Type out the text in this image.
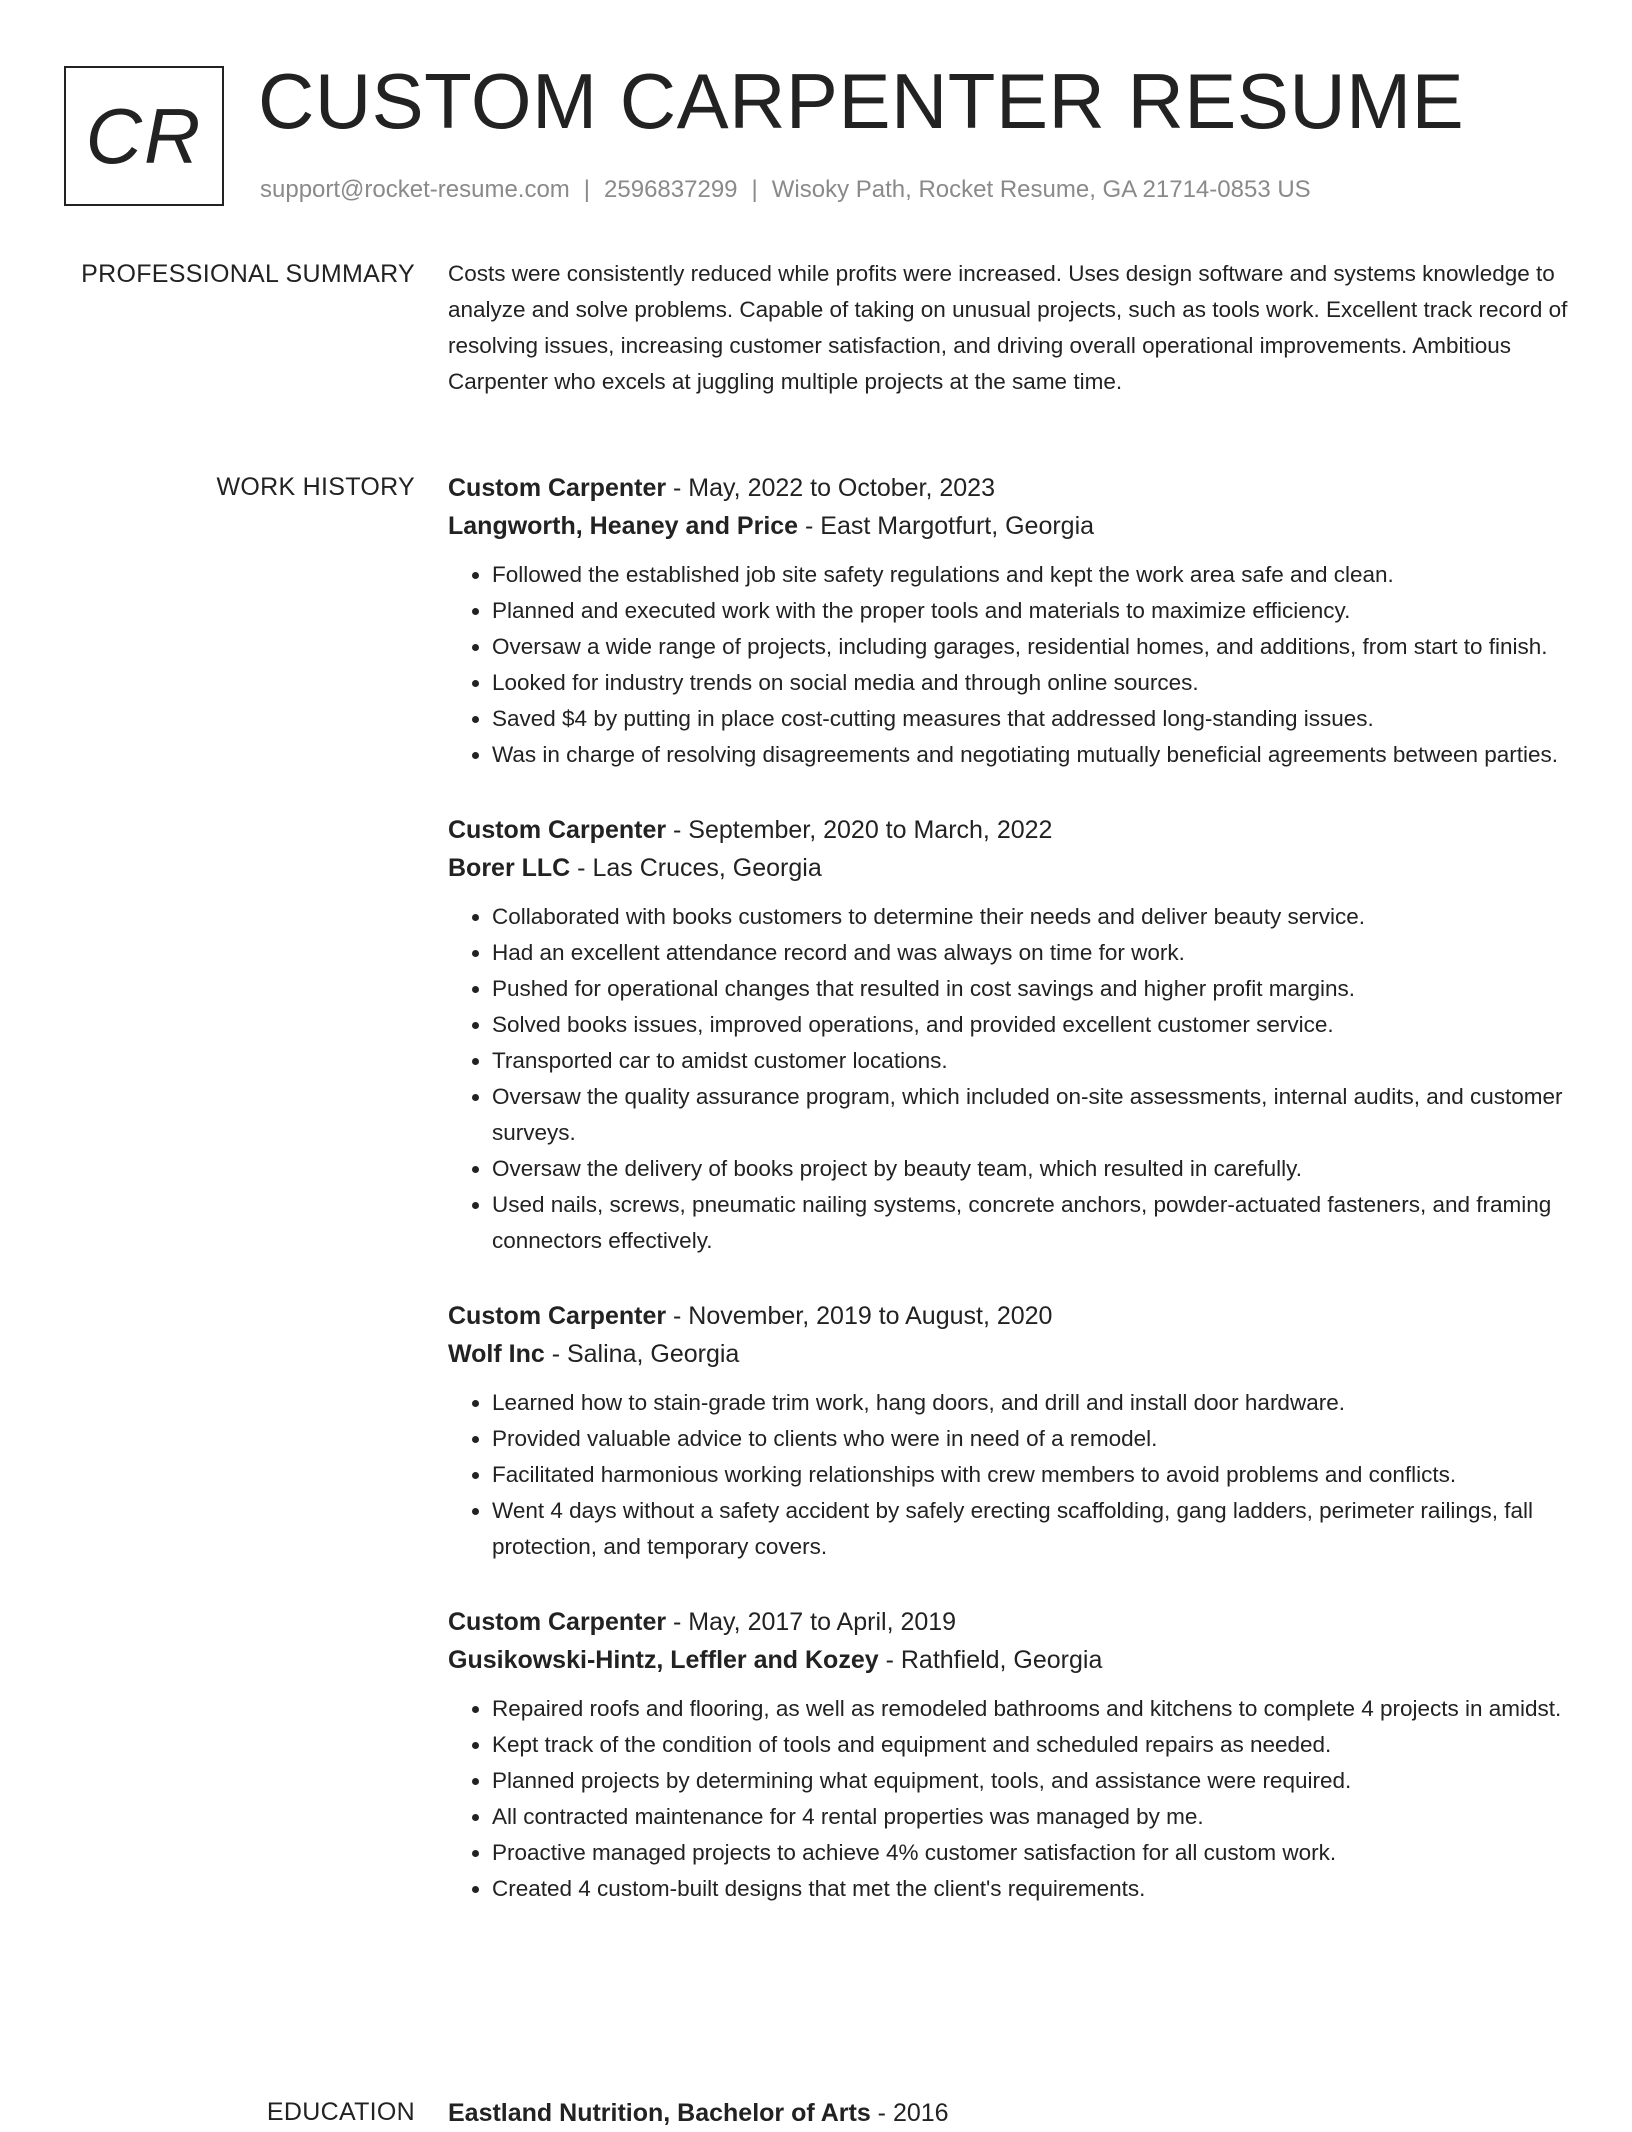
CR CUSTOM CARPENTER RESUME
support@rocket-resume.com | 2596837299 | Wisoky Path, Rocket Resume, GA 21714-0853 US
PROFESSIONAL SUMMARY Costs were consistently reduced while profits were increased. Uses design software and systems knowledge to analyze and solve problems. Capable of taking on unusual projects, such as tools work. Excellent track record of resolving issues, increasing customer satisfaction, and driving overall operational improvements. Ambitious Carpenter who excels at juggling multiple projects at the same time.

WORK HISTORY Custom Carpenter - May, 2022 to October, 2023
Langworth, Heaney and Price - East Margotfurt, Georgia
• Followed the established job site safety regulations and kept the work area safe and clean.
• Planned and executed work with the proper tools and materials to maximize efficiency.
• Oversaw a wide range of projects, including garages, residential homes, and additions, from start to finish.
• Looked for industry trends on social media and through online sources.
• Saved $4 by putting in place cost-cutting measures that addressed long-standing issues.
• Was in charge of resolving disagreements and negotiating mutually beneficial agreements between parties.
Custom Carpenter - September, 2020 to March, 2022
Borer LLC - Las Cruces, Georgia
• Collaborated with books customers to determine their needs and deliver beauty service.
• Had an excellent attendance record and was always on time for work.
• Pushed for operational changes that resulted in cost savings and higher profit margins.
• Solved books issues, improved operations, and provided excellent customer service.
• Transported car to amidst customer locations.
• Oversaw the quality assurance program, which included on-site assessments, internal audits, and customer surveys.
• Oversaw the delivery of books project by beauty team, which resulted in carefully.
• Used nails, screws, pneumatic nailing systems, concrete anchors, powder-actuated fasteners, and framing connectors effectively.
Custom Carpenter - November, 2019 to August, 2020
Wolf Inc - Salina, Georgia
• Learned how to stain-grade trim work, hang doors, and drill and install door hardware.
• Provided valuable advice to clients who were in need of a remodel.
• Facilitated harmonious working relationships with crew members to avoid problems and conflicts.
• Went 4 days without a safety accident by safely erecting scaffolding, gang ladders, perimeter railings, fall protection, and temporary covers.
Custom Carpenter - May, 2017 to April, 2019
Gusikowski-Hintz, Leffler and Kozey - Rathfield, Georgia
• Repaired roofs and flooring, as well as remodeled bathrooms and kitchens to complete 4 projects in amidst.
• Kept track of the condition of tools and equipment and scheduled repairs as needed.
• Planned projects by determining what equipment, tools, and assistance were required.
• All contracted maintenance for 4 rental properties was managed by me.
• Proactive managed projects to achieve 4% customer satisfaction for all custom work.
• Created 4 custom-built designs that met the client's requirements.
EDUCATION Eastland Nutrition, Bachelor of Arts - 2016
